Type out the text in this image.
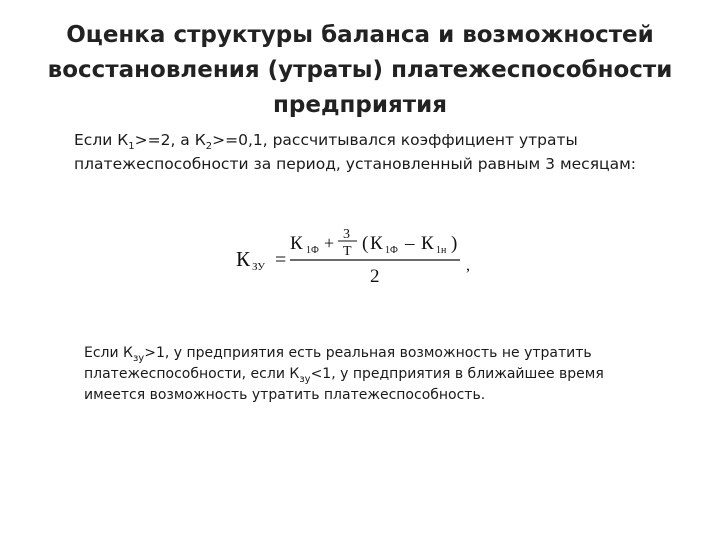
Оценка структуры баланса и возможностей
восстановления (утраты) платежеспособности
предприятия
Если $К_1>=2$, а $К_2>=0,1$, рассчитывался коэффициент утраты
платежеспособности за период, установленный равным 3 месяцам:
К ЗУ =
К 1Ф + 3
Т ( К 1Ф – К 1н )
2
,
Если $К_{зу}>1$, у предприятия есть реальная возможность не утратить
платежеспособности, если $К_{зу}<1$, у предприятия в ближайшее время
имеется возможность утратить платежеспособность.
